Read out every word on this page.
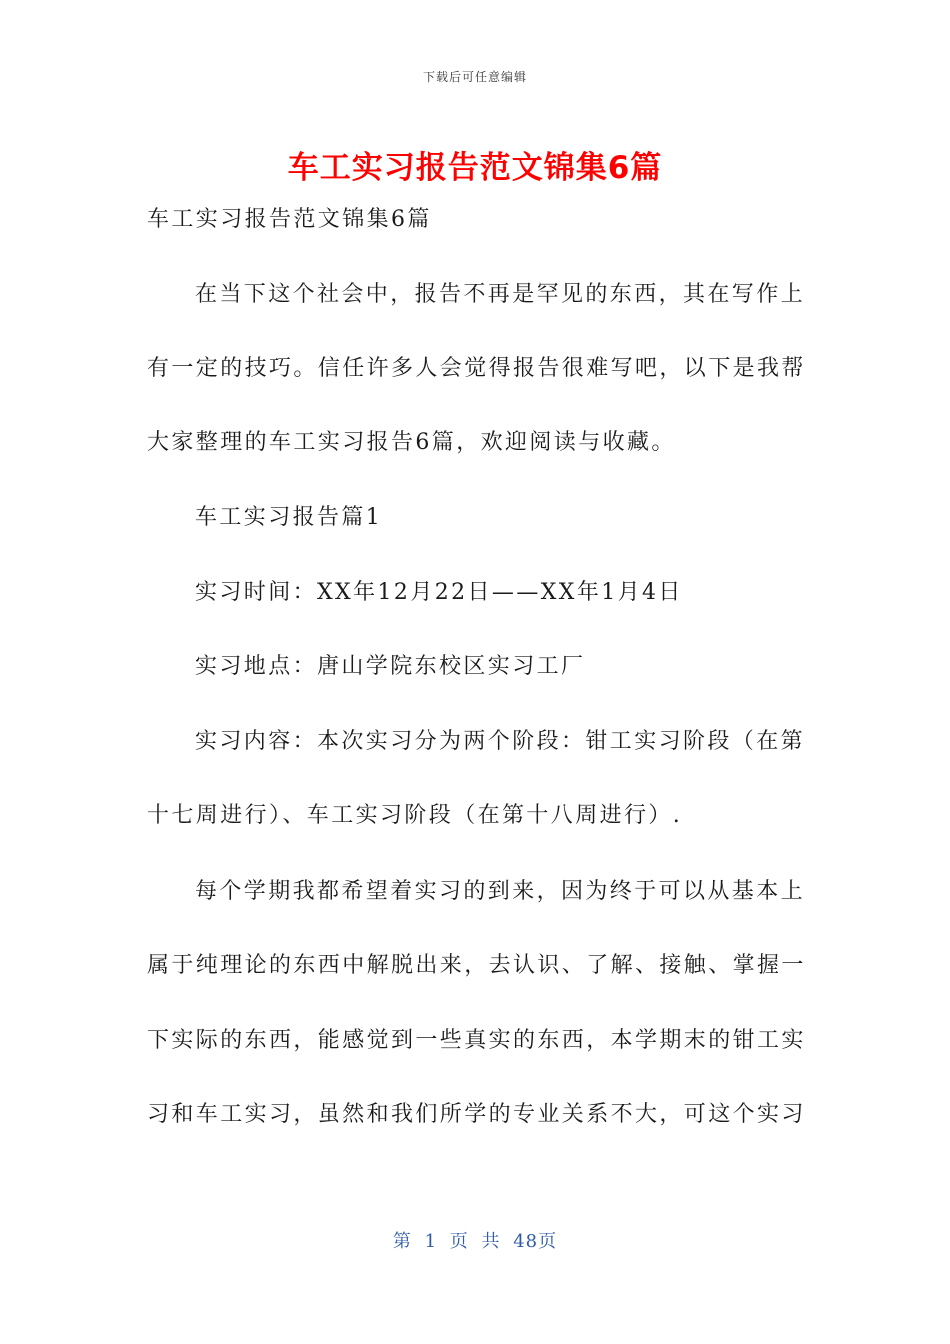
下载后可任意编辑
车工实习报告范文锦集6篇
车工实习报告范文锦集6篇
在当下这个社会中，报告不再是罕见的东西，其在写作上
有一定的技巧。信任许多人会觉得报告很难写吧，以下是我帮
大家整理的车工实习报告6篇，欢迎阅读与收藏。
车工实习报告篇1
实习时间：XX年12月22日——XX年1月4日
实习地点：唐山学院东校区实习工厂
实习内容：本次实习分为两个阶段：钳工实习阶段（在第
十七周进行）、车工实习阶段（在第十八周进行）.
每个学期我都希望着实习的到来，因为终于可以从基本上
属于纯理论的东西中解脱出来，去认识、了解、接触、掌握一
下实际的东西，能感觉到一些真实的东西，本学期末的钳工实
习和车工实习，虽然和我们所学的专业关系不大，可这个实习
第 1 页 共 48页
